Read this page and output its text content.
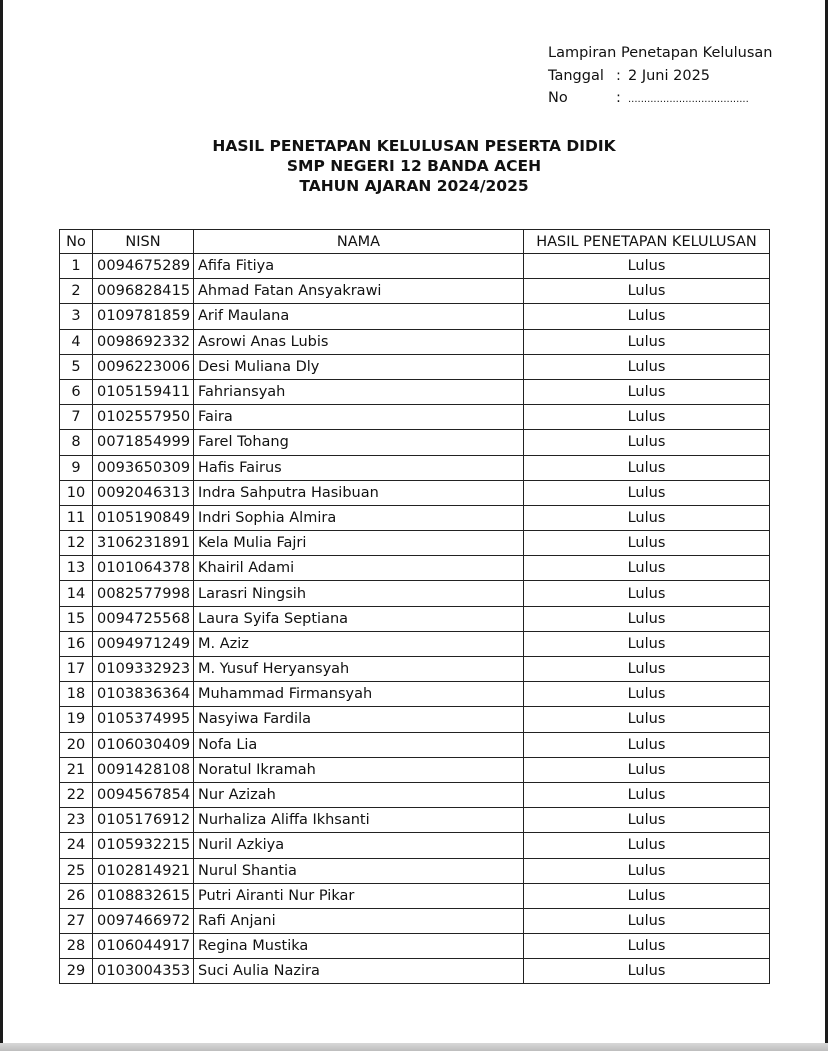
Lampiran Penetapan Kelulusan
Tanggal : 2 Juni 2025
No	: ......................................
HASIL PENETAPAN KELULUSAN PESERTA DIDIK
SMP NEGERI 12 BANDA ACEH
TAHUN AJARAN 2024/2025
No	NISN	NAMA	HASIL PENETAPAN KELULUSAN
1	0094675289	Afifa Fitiya	Lulus
2	0096828415	Ahmad Fatan Ansyakrawi	Lulus
3	0109781859	Arif Maulana	Lulus
4	0098692332	Asrowi Anas Lubis	Lulus
5	0096223006	Desi Muliana Dly	Lulus
6	0105159411	Fahriansyah	Lulus
7	0102557950	Faira	Lulus
8	0071854999	Farel Tohang	Lulus
9	0093650309	Hafis Fairus	Lulus
10	0092046313	Indra Sahputra Hasibuan	Lulus
11	0105190849	Indri Sophia Almira	Lulus
12	3106231891	Kela Mulia Fajri	Lulus
13	0101064378	Khairil Adami	Lulus
14	0082577998	Larasri Ningsih	Lulus
15	0094725568	Laura Syifa Septiana	Lulus
16	0094971249	M. Aziz	Lulus
17	0109332923	M. Yusuf Heryansyah	Lulus
18	0103836364	Muhammad Firmansyah	Lulus
19	0105374995	Nasyiwa Fardila	Lulus
20	0106030409	Nofa Lia	Lulus
21	0091428108	Noratul Ikramah	Lulus
22	0094567854	Nur Azizah	Lulus
23	0105176912	Nurhaliza Aliffa Ikhsanti	Lulus
24	0105932215	Nuril Azkiya	Lulus
25	0102814921	Nurul Shantia	Lulus
26	0108832615	Putri Airanti Nur Pikar	Lulus
27	0097466972	Rafi Anjani	Lulus
28	0106044917	Regina Mustika	Lulus
29	0103004353	Suci Aulia Nazira	Lulus
